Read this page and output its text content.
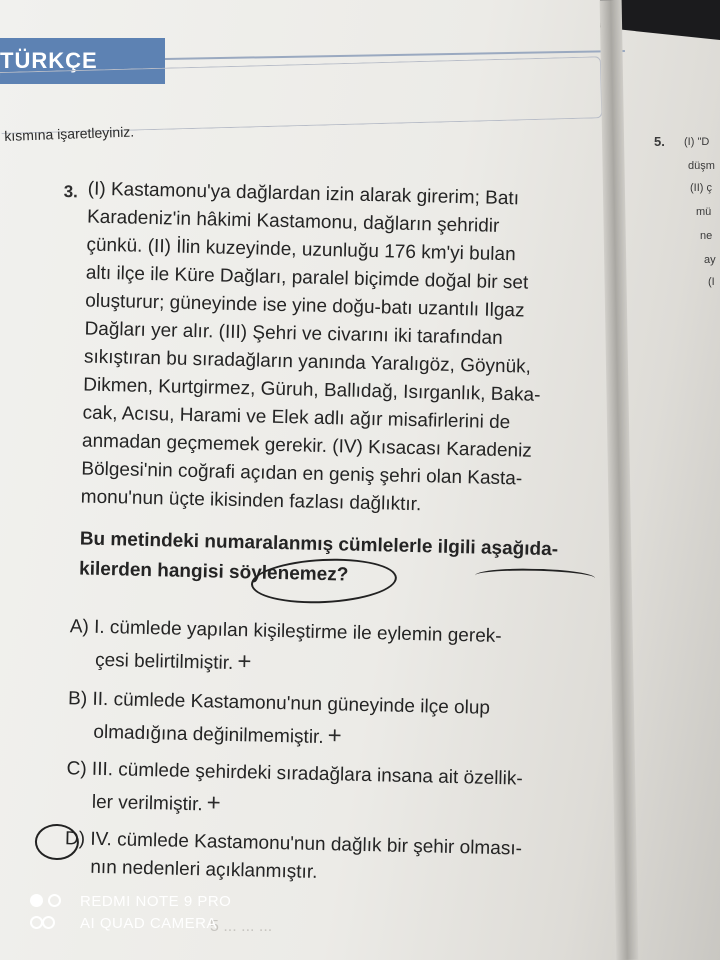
TÜRKÇE
kısmına işaretleyiniz.	5. (I) "D
düşm
(II) ç
mü
ne
ay
(I
3. (I) Kastamonu'ya dağlardan izin alarak girerim; Batı
Karadeniz'in hâkimi Kastamonu, dağların şehridir
çünkü. (II) İlin kuzeyinde, uzunluğu 176 km'yi bulan
altı ilçe ile Küre Dağları, paralel biçimde doğal bir set
oluşturur; güneyinde ise yine doğu-batı uzantılı Ilgaz
Dağları yer alır. (III) Şehri ve civarını iki tarafından
sıkıştıran bu sıradağların yanında Yaralıgöz, Göynük,
Dikmen, Kurtgirmez, Güruh, Ballıdağ, Isırganlık, Baka-
cak, Acısu, Harami ve Elek adlı ağır misafirlerini de
anmadan geçmemek gerekir. (IV) Kısacası Karadeniz
Bölgesi'nin coğrafi açıdan en geniş şehri olan Kasta-
monu'nun üçte ikisinden fazlası dağlıktır.
Bu metindeki numaralanmış cümlelerle ilgili aşağıda-
kilerden hangisi söylenemez?
A) I. cümlede yapılan kişileştirme ile eylemin gerek-
çesi belirtilmiştir. +
B) II. cümlede Kastamonu'nun güneyinde ilçe olup
olmadığına değinilmemiştir. +
C) III. cümlede şehirdeki sıradağlara insana ait özellik-
ler verilmiştir. +
D) IV. cümlede Kastamonu'nun dağlık bir şehir olması-
nın nedenleri açıklanmıştır.
5 ... ... ...
REDMI NOTE 9 PRO
AI QUAD CAMERA
